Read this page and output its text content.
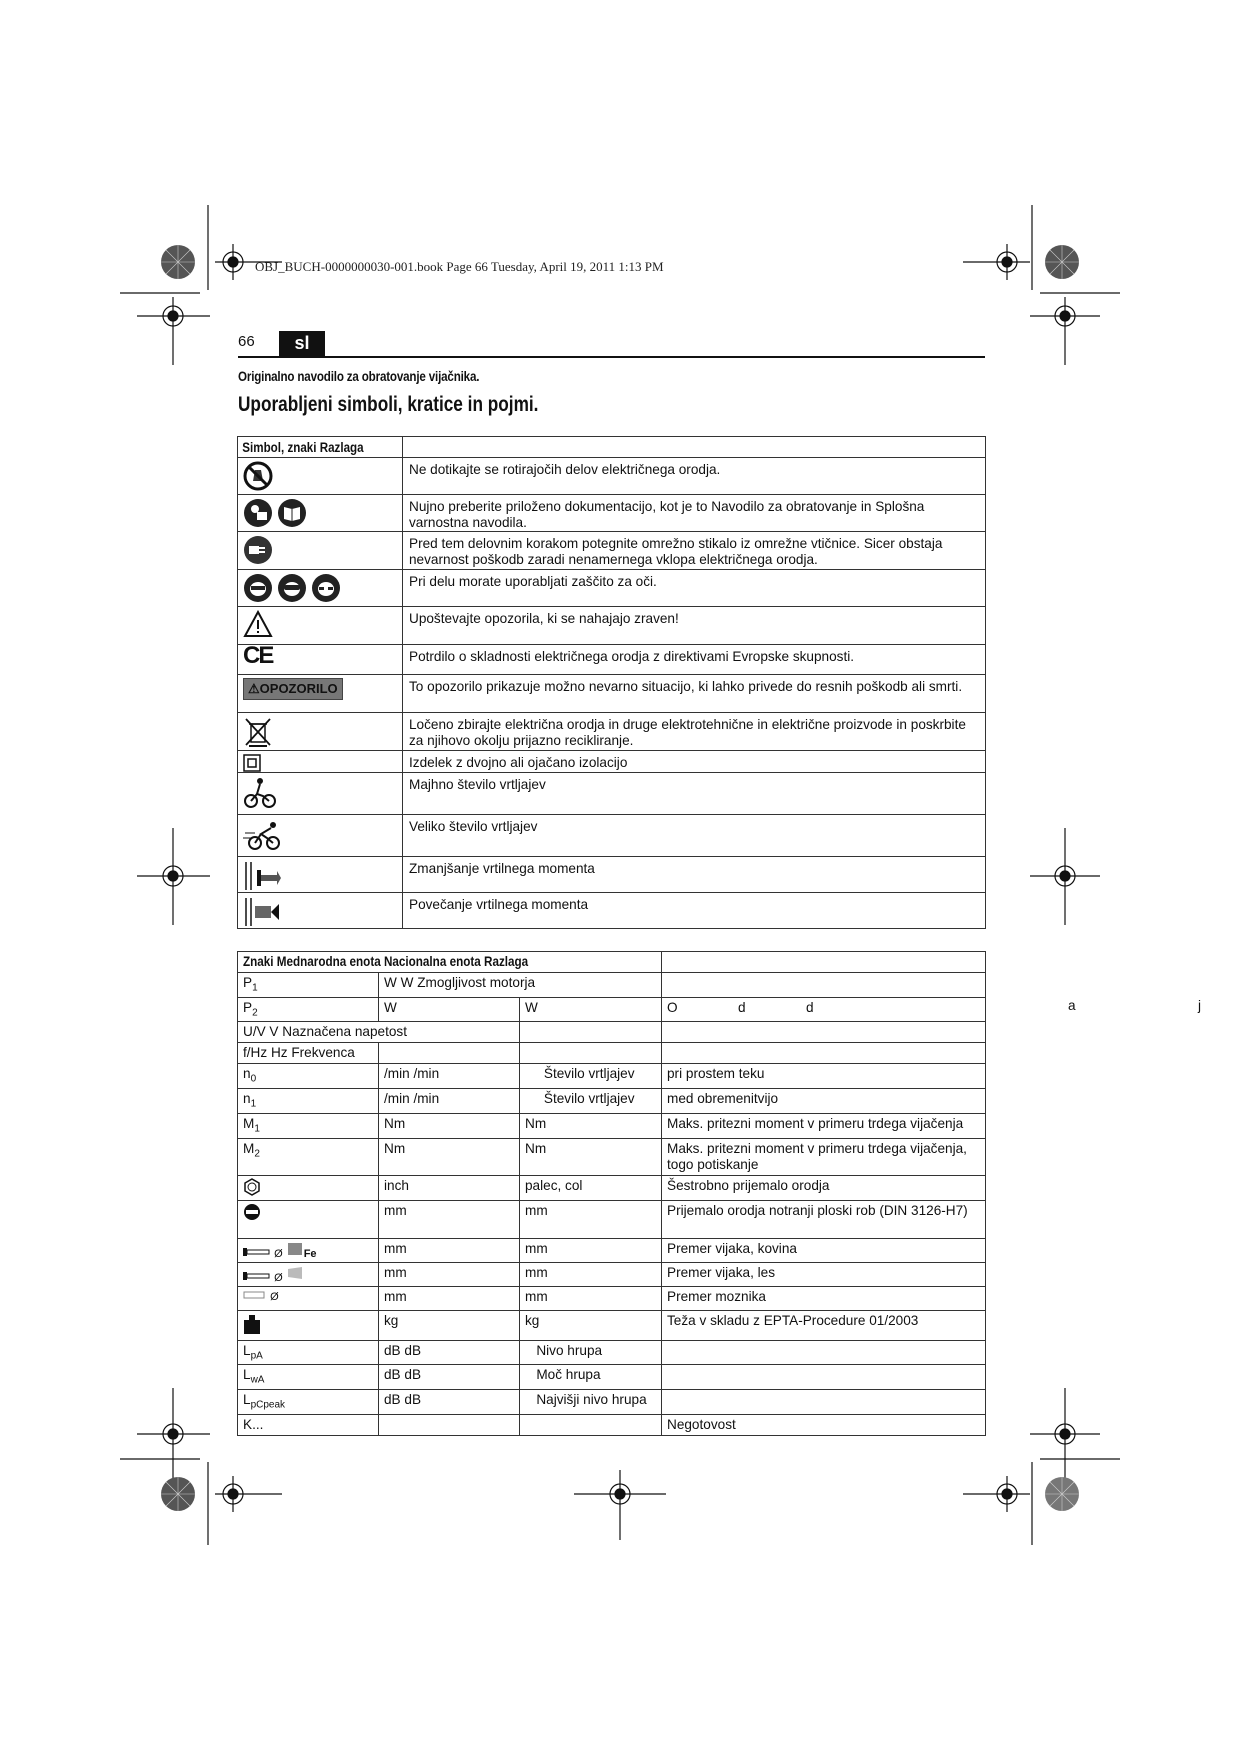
OBJ_BUCH-0000000030-001.book Page 66 Tuesday, April 19, 2011 1:13 PM
66	sl
Originalno navodilo za obratovanje vijačnika.
Uporabljeni simboli, kratice in pojmi.
Simbol, znaki Razlaga	

	Ne dotikajte se rotirajočih delov električnega orodja.

	Nujno preberite priloženo dokumentacijo, kot je to Navodilo za obratovanje in Splošna varnostna navodila.

	Pred tem delovnim korakom potegnite omrežno stikalo iz omrežne vtičnice. Sicer obstaja nevarnost poškodb zaradi nenamernega vklopa električnega orodja.

	Pri delu morate uporabljati zaščito za oči.

	Upoštevajte opozorila, ki se nahajajo zraven!

CE	Potrdilo o skladnosti električnega orodja z direktivami Evropske skupnosti.

⚠OPOZORILO	To opozorilo prikazuje možno nevarno situacijo, ki lahko privede do resnih poškodb ali smrti.

	Ločeno zbirajte električna orodja in druge elektrotehnične in električne proizvode in poskrbite za njihovo okolju prijazno recikliranje.

	Izdelek z dvojno ali ojačano izolacijo

	Majhno število vrtljajev

	Veliko število vrtljajev

	Zmanjšanje vrtilnega momenta

	Povečanje vrtilnega momenta
Znaki Mednarodna enota Nacionalna enota Razlaga			
$P_1$	W W Zmogljivost motorja		
$P_2$	W	W	O                d                d
U/V V Naznačena napetost			
f/Hz Hz Frekvenca			
$n_0$	/min /min	Število vrtljajev	pri prostem teku
$n_1$	/min /min	Število vrtljajev	med obremenitvijo
$M_1$	Nm	Nm	Maks. pritezni moment v primeru trdega vijačenja
$M_2$	Nm	Nm	Maks. pritezni moment v primeru trdega vijačenja, togo potiskanje
	inch	palec, col	Šestrobno prijemalo orodja
	mm	mm	Prijemalo orodja notranji ploski rob (DIN 3126-H7)
Ø Fe	mm	mm	Premer vijaka, kovina
Ø	mm	mm	Premer vijaka, les
Ø	mm	mm	Premer moznika
	kg	kg	Teža v skladu z EPTA-Procedure 01/2003
$L_{pA}$	dB dB	Nivo hrupa	
$L_{wA}$	dB dB	Moč hrupa	
$L_{pCpeak}$	dB dB	Najvišji nivo hrupa	
K...			Negotovost
a	j
